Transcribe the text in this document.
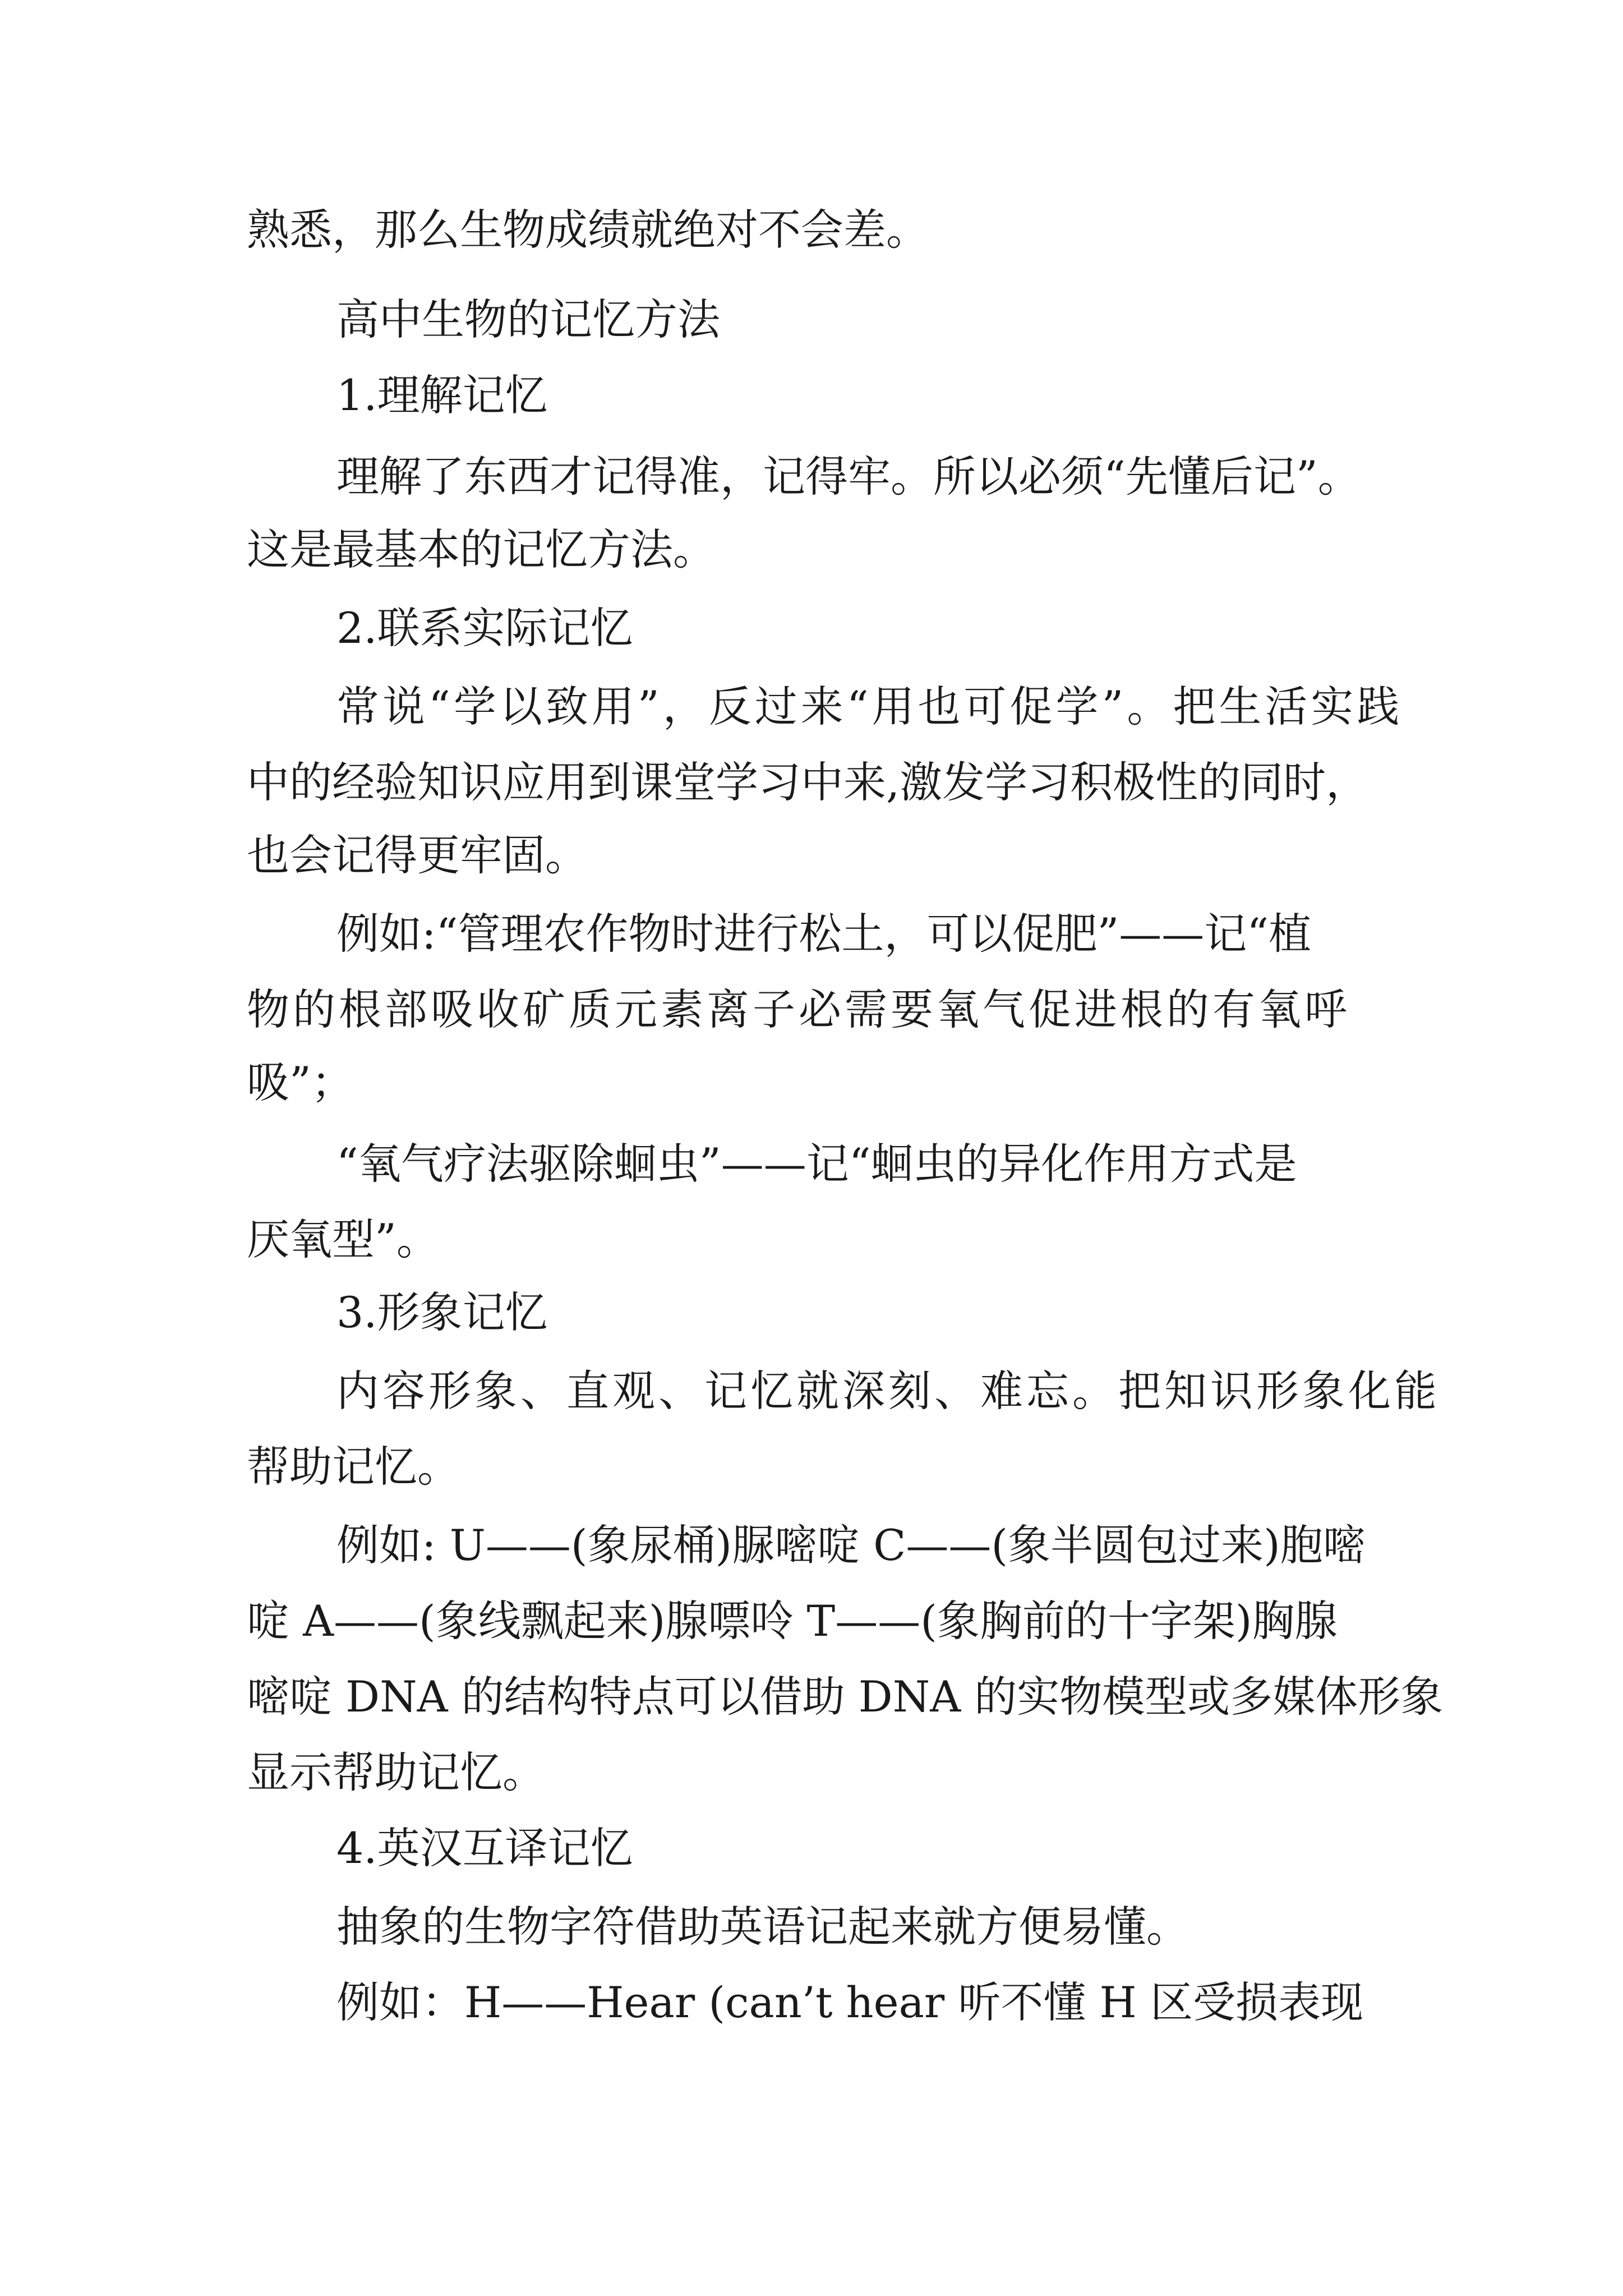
熟悉，那么生物成绩就绝对不会差。
高中生物的记忆方法
1.理解记忆
理解了东西才记得准，记得牢。所以必须“先懂后记”。
这是最基本的记忆方法。
2.联系实际记忆
常说“学以致用”，反过来“用也可促学”。把生活实践
中的经验知识应用到课堂学习中来,激发学习积极性的同时，
也会记得更牢固。
例如:“管理农作物时进行松土，可以促肥”——记“植
物的根部吸收矿质元素离子必需要氧气促进根的有氧呼
吸”；
“氧气疗法驱除蛔虫”——记“蛔虫的异化作用方式是
厌氧型”。
3.形象记忆
内容形象、直观、记忆就深刻、难忘。把知识形象化能
帮助记忆。
例如: U——(象尿桶)脲嘧啶 C——(象半圆包过来)胞嘧
啶 A——(象线飘起来)腺嘌呤 T——(象胸前的十字架)胸腺
嘧啶 DNA 的结构特点可以借助 DNA 的实物模型或多媒体形象
显示帮助记忆。
4.英汉互译记忆
抽象的生物字符借助英语记起来就方便易懂。
例如：H——Hear (can’t hear 听不懂 H 区受损表现
